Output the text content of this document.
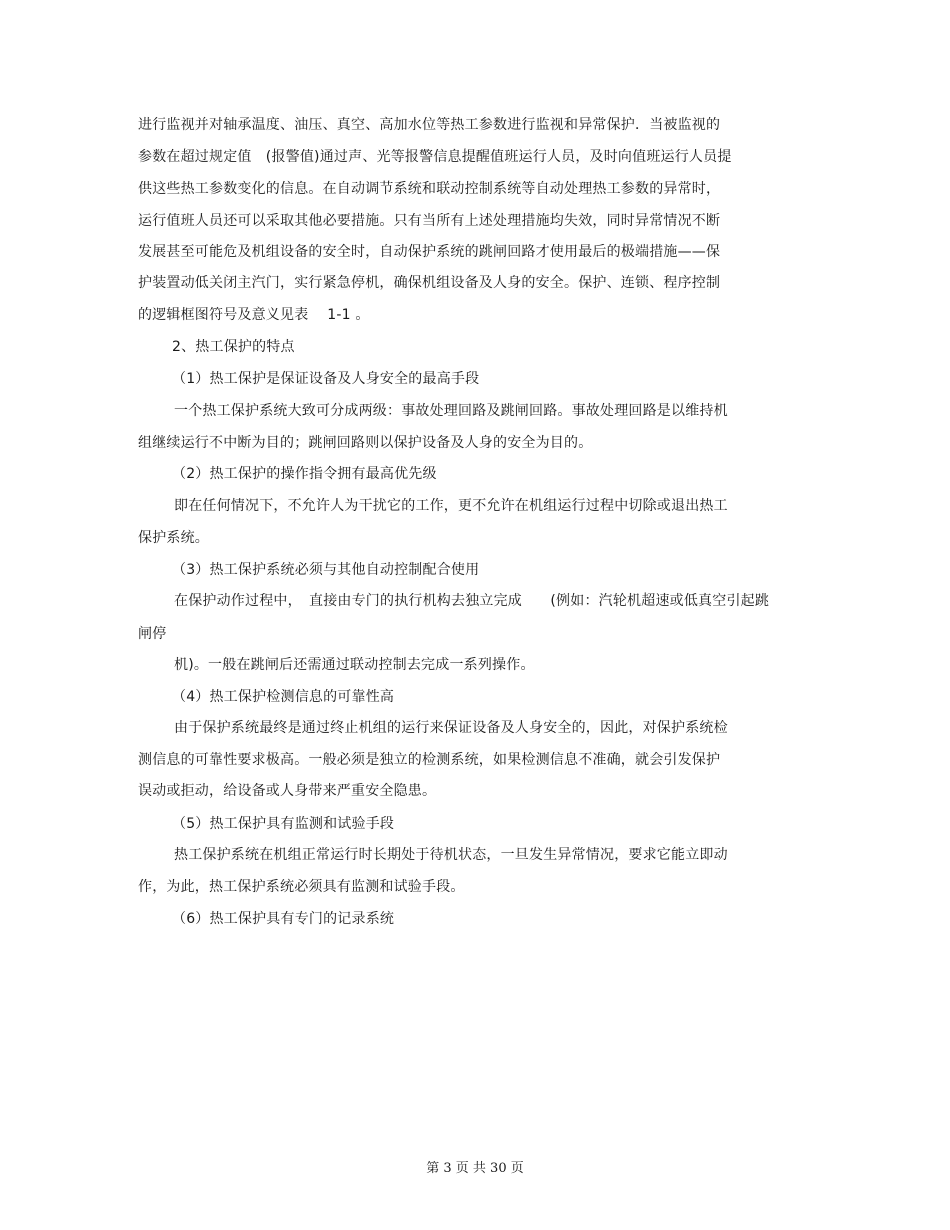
进行监视并对轴承温度、油压、真空、高加水位等热工参数进行监视和异常保护．当被监视的
参数在超过规定值　(报警值)通过声、光等报警信息提醒值班运行人员，及时向值班运行人员提
供这些热工参数变化的信息。在自动调节系统和联动控制系统等自动处理热工参数的异常时，
运行值班人员还可以采取其他必要措施。只有当所有上述处理措施均失效，同时异常情况不断
发展甚至可能危及机组设备的安全时，自动保护系统的跳闸回路才使用最后的极端措施——保
护装置动低关闭主汽门，实行紧急停机，确保机组设备及人身的安全。保护、连锁、程序控制
的逻辑框图符号及意义见表　 1-1 。
2、热工保护的特点
（1）热工保护是保证设备及人身安全的最高手段
一个热工保护系统大致可分成两级：事故处理回路及跳闸回路。事故处理回路是以维持机
组继续运行不中断为目的；跳闸回路则以保护设备及人身的安全为目的。
（2）热工保护的操作指令拥有最高优先级
即在任何情况下，不允许人为干扰它的工作，更不允许在机组运行过程中切除或退出热工
保护系统。
（3）热工保护系统必须与其他自动控制配合使用
在保护动作过程中，　直接由专门的执行机构去独立完成　　(例如：汽轮机超速或低真空引起跳
闸停
机)。一般在跳闸后还需通过联动控制去完成一系列操作。
（4）热工保护检测信息的可靠性高
由于保护系统最终是通过终止机组的运行来保证设备及人身安全的，因此，对保护系统检
测信息的可靠性要求极高。一般必须是独立的检测系统，如果检测信息不准确，就会引发保护
误动或拒动，给设备或人身带来严重安全隐患。
（5）热工保护具有监测和试验手段
热工保护系统在机组正常运行时长期处于待机状态，一旦发生异常情况，要求它能立即动
作，为此，热工保护系统必须具有监测和试验手段。
（6）热工保护具有专门的记录系统
第 3 页 共 30 页
